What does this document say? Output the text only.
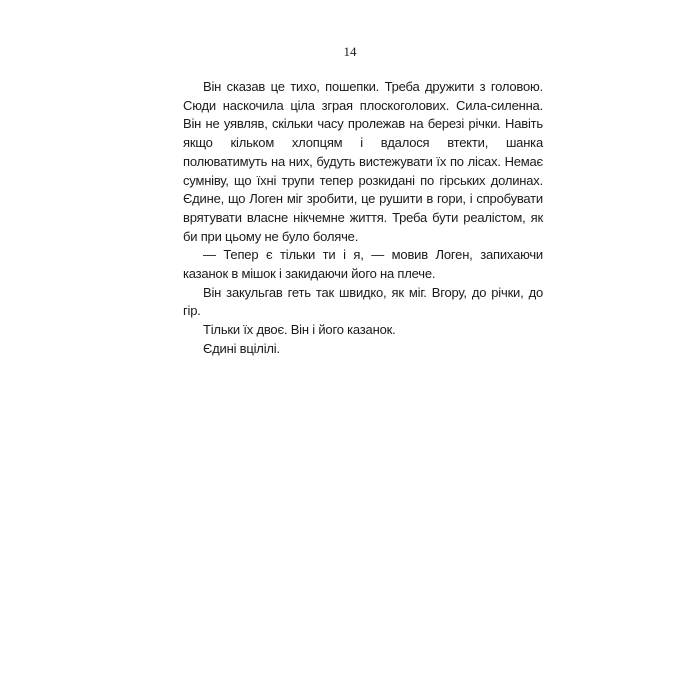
14

Він сказав це тихо, пошепки. Треба дружити з головою. Сюди наскочила ціла зграя плоскоголових. Сила-силенна. Він не уявляв, скільки часу пролежав на березі річки. Навіть якщо кільком хлопцям і вдалося втекти, шанка полюватимуть на них, будуть вистежувати їх по лісах. Немає сумніву, що їхні трупи тепер розкидані по гірських долинах. Єдине, що Логен міг зробити, це рушити в гори, і спробувати врятувати власне нікчемне життя. Треба бути реалістом, як би при цьому не було боляче.

— Тепер є тільки ти і я, — мовив Логен, запихаючи казанок в мішок і закидаючи його на плече.

Він закульгав геть так швидко, як міг. Вгору, до річки, до гір.

Тільки їх двоє. Він і його казанок.

Єдині вцілілі.
